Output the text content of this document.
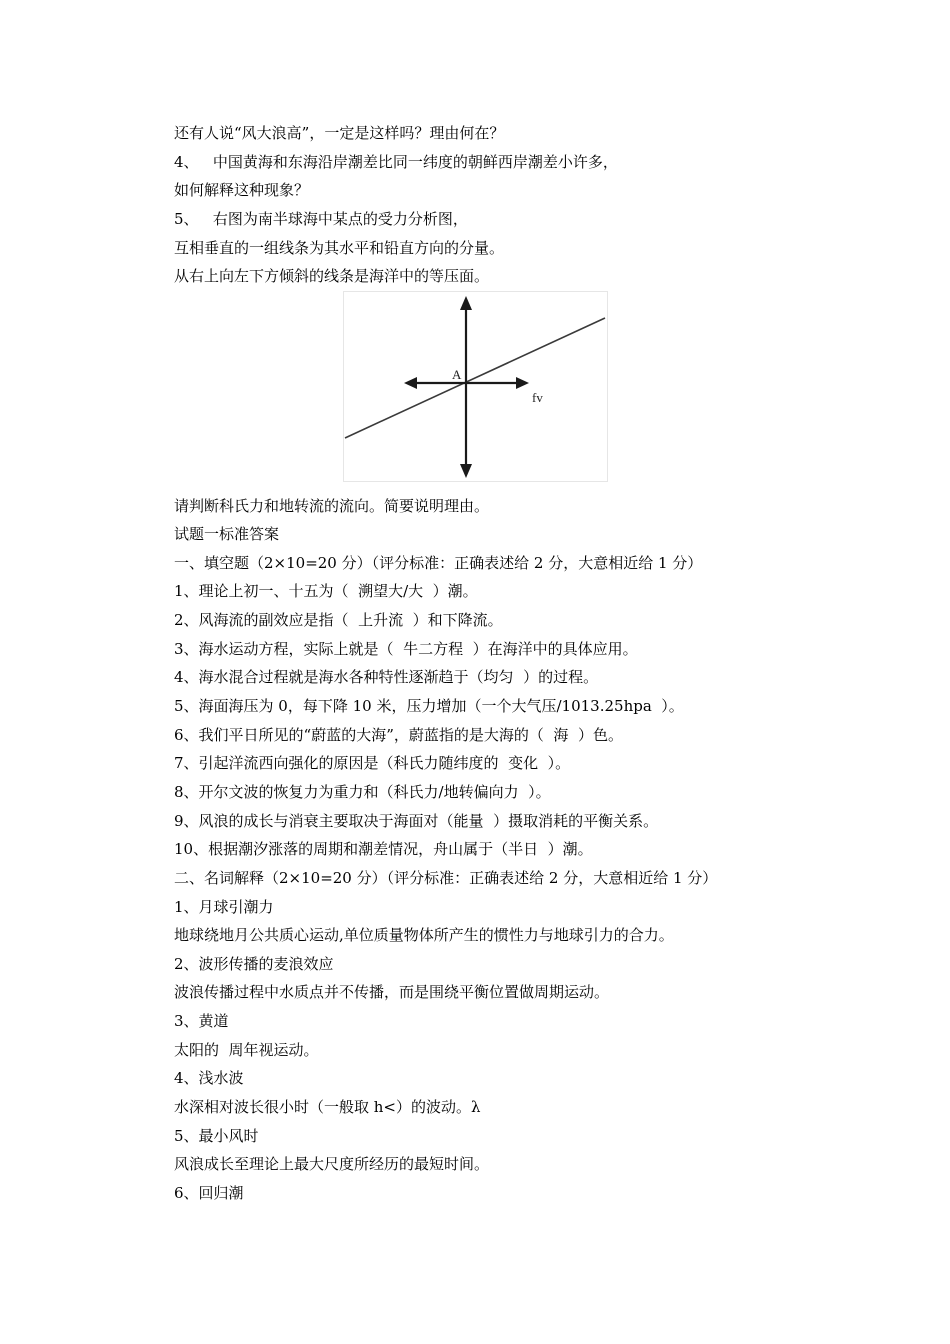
还有人说“风大浪高”，一定是这样吗？理由何在？
4、   中国黄海和东海沿岸潮差比同一纬度的朝鲜西岸潮差小许多，
如何解释这种现象？
5、   右图为南半球海中某点的受力分析图，
互相垂直的一组线条为其水平和铅直方向的分量。
从右上向左下方倾斜的线条是海洋中的等压面。
A
fv
请判断科氏力和地转流的流向。简要说明理由。
试题一标准答案
一、填空题（2×10=20 分）（评分标准：正确表述给 2 分，大意相近给 1 分）
1、理论上初一、十五为（  溯望大/大  ）潮。
2、风海流的副效应是指（  上升流  ）和下降流。
3、海水运动方程，实际上就是（  牛二方程  ）在海洋中的具体应用。
4、海水混合过程就是海水各种特性逐渐趋于（均匀  ）的过程。
5、海面海压为 0，每下降 10 米，压力增加（一个大气压/1013.25hpa  ）。
6、我们平日所见的“蔚蓝的大海”，蔚蓝指的是大海的（  海  ）色。
7、引起洋流西向强化的原因是（科氏力随纬度的  变化  ）。
8、开尔文波的恢复力为重力和（科氏力/地转偏向力  ）。
9、风浪的成长与消衰主要取决于海面对（能量  ）摄取消耗的平衡关系。
10、根据潮汐涨落的周期和潮差情况，舟山属于（半日  ）潮。
二、名词解释（2×10=20 分）（评分标准：正确表述给 2 分，大意相近给 1 分）
1、月球引潮力
地球绕地月公共质心运动,单位质量物体所产生的惯性力与地球引力的合力。
2、波形传播的麦浪效应
波浪传播过程中水质点并不传播，而是围绕平衡位置做周期运动。
3、黄道
太阳的  周年视运动。
4、浅水波
水深相对波长很小时（一般取 h<）的波动。λ
5、最小风时
风浪成长至理论上最大尺度所经历的最短时间。
6、回归潮
